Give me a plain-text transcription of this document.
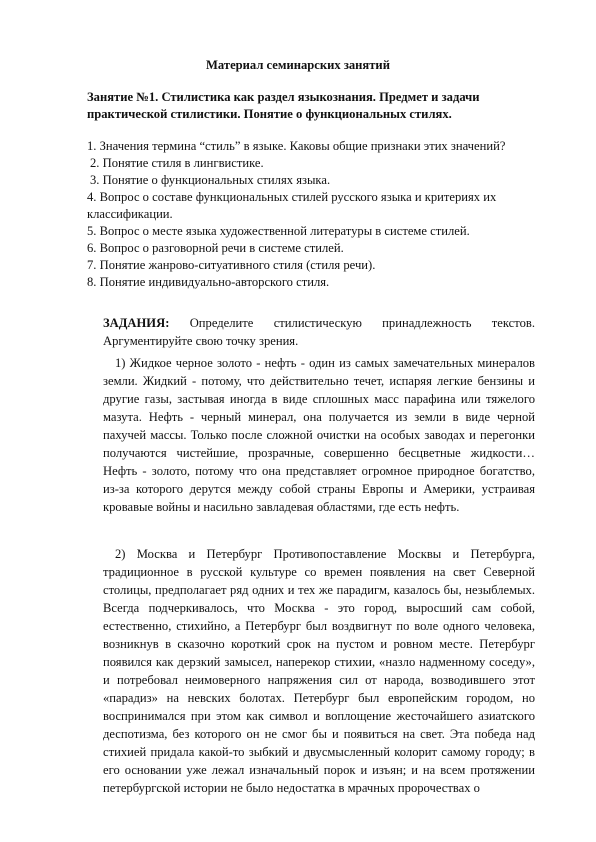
Материал семинарских занятий
Занятие №1. Стилистика как раздел языкознания. Предмет и задачи практической стилистики. Понятие о функциональных стилях.
1. Значения термина “стиль” в языке. Каковы общие признаки этих значений?
2. Понятие стиля в лингвистике.
3. Понятие о функциональных стилях языка.
4. Вопрос о составе функциональных стилей русского языка и критериях их классификации.
5. Вопрос о месте языка художественной литературы в системе стилей.
6. Вопрос о разговорной речи в системе стилей.
7. Понятие жанрово-ситуативного стиля (стиля речи).
8. Понятие индивидуально-авторского стиля.
ЗАДАНИЯ: Определите стилистическую принадлежность текстов. Аргументируйте свою точку зрения.
1) Жидкое черное золото - нефть - один из самых замечательных минералов земли. Жидкий - потому, что действительно течет, испаряя легкие бензины и другие газы, застывая иногда в виде сплошных масс парафина или тяжелого мазута. Нефть - черный минерал, она получается из земли в виде черной пахучей массы. Только после сложной очистки на особых заводах и перегонки получаются чистейшие, прозрачные, совершенно бесцветные жидкости… Нефть - золото, потому что она представляет огромное природное богатство, из-за которого дерутся между собой страны Европы и Америки, устраивая кровавые войны и насильно завладевая областями, где есть нефть.
2) Москва и Петербург Противопоставление Москвы и Петербурга, традиционное в русской культуре со времен появления на свет Северной столицы, предполагает ряд одних и тех же парадигм, казалось бы, незыблемых. Всегда подчеркивалось, что Москва - это город, выросший сам собой, естественно, стихийно, а Петербург был воздвигнут по воле одного человека, возникнув в сказочно короткий срок на пустом и ровном месте. Петербург появился как дерзкий замысел, наперекор стихии, «назло надменному соседу», и потребовал неимоверного напряжения сил от народа, возводившего этот «парадиз» на невских болотах. Петербург был европейским городом, но воспринимался при этом как символ и воплощение жесточайшего азиатского деспотизма, без которого он не смог бы и появиться на свет. Эта победа над стихией придала какой-то зыбкий и двусмысленный колорит самому городу; в его основании уже лежал изначальный порок и изъян; и на всем протяжении петербургской истории не было недостатка в мрачных пророчествах о
